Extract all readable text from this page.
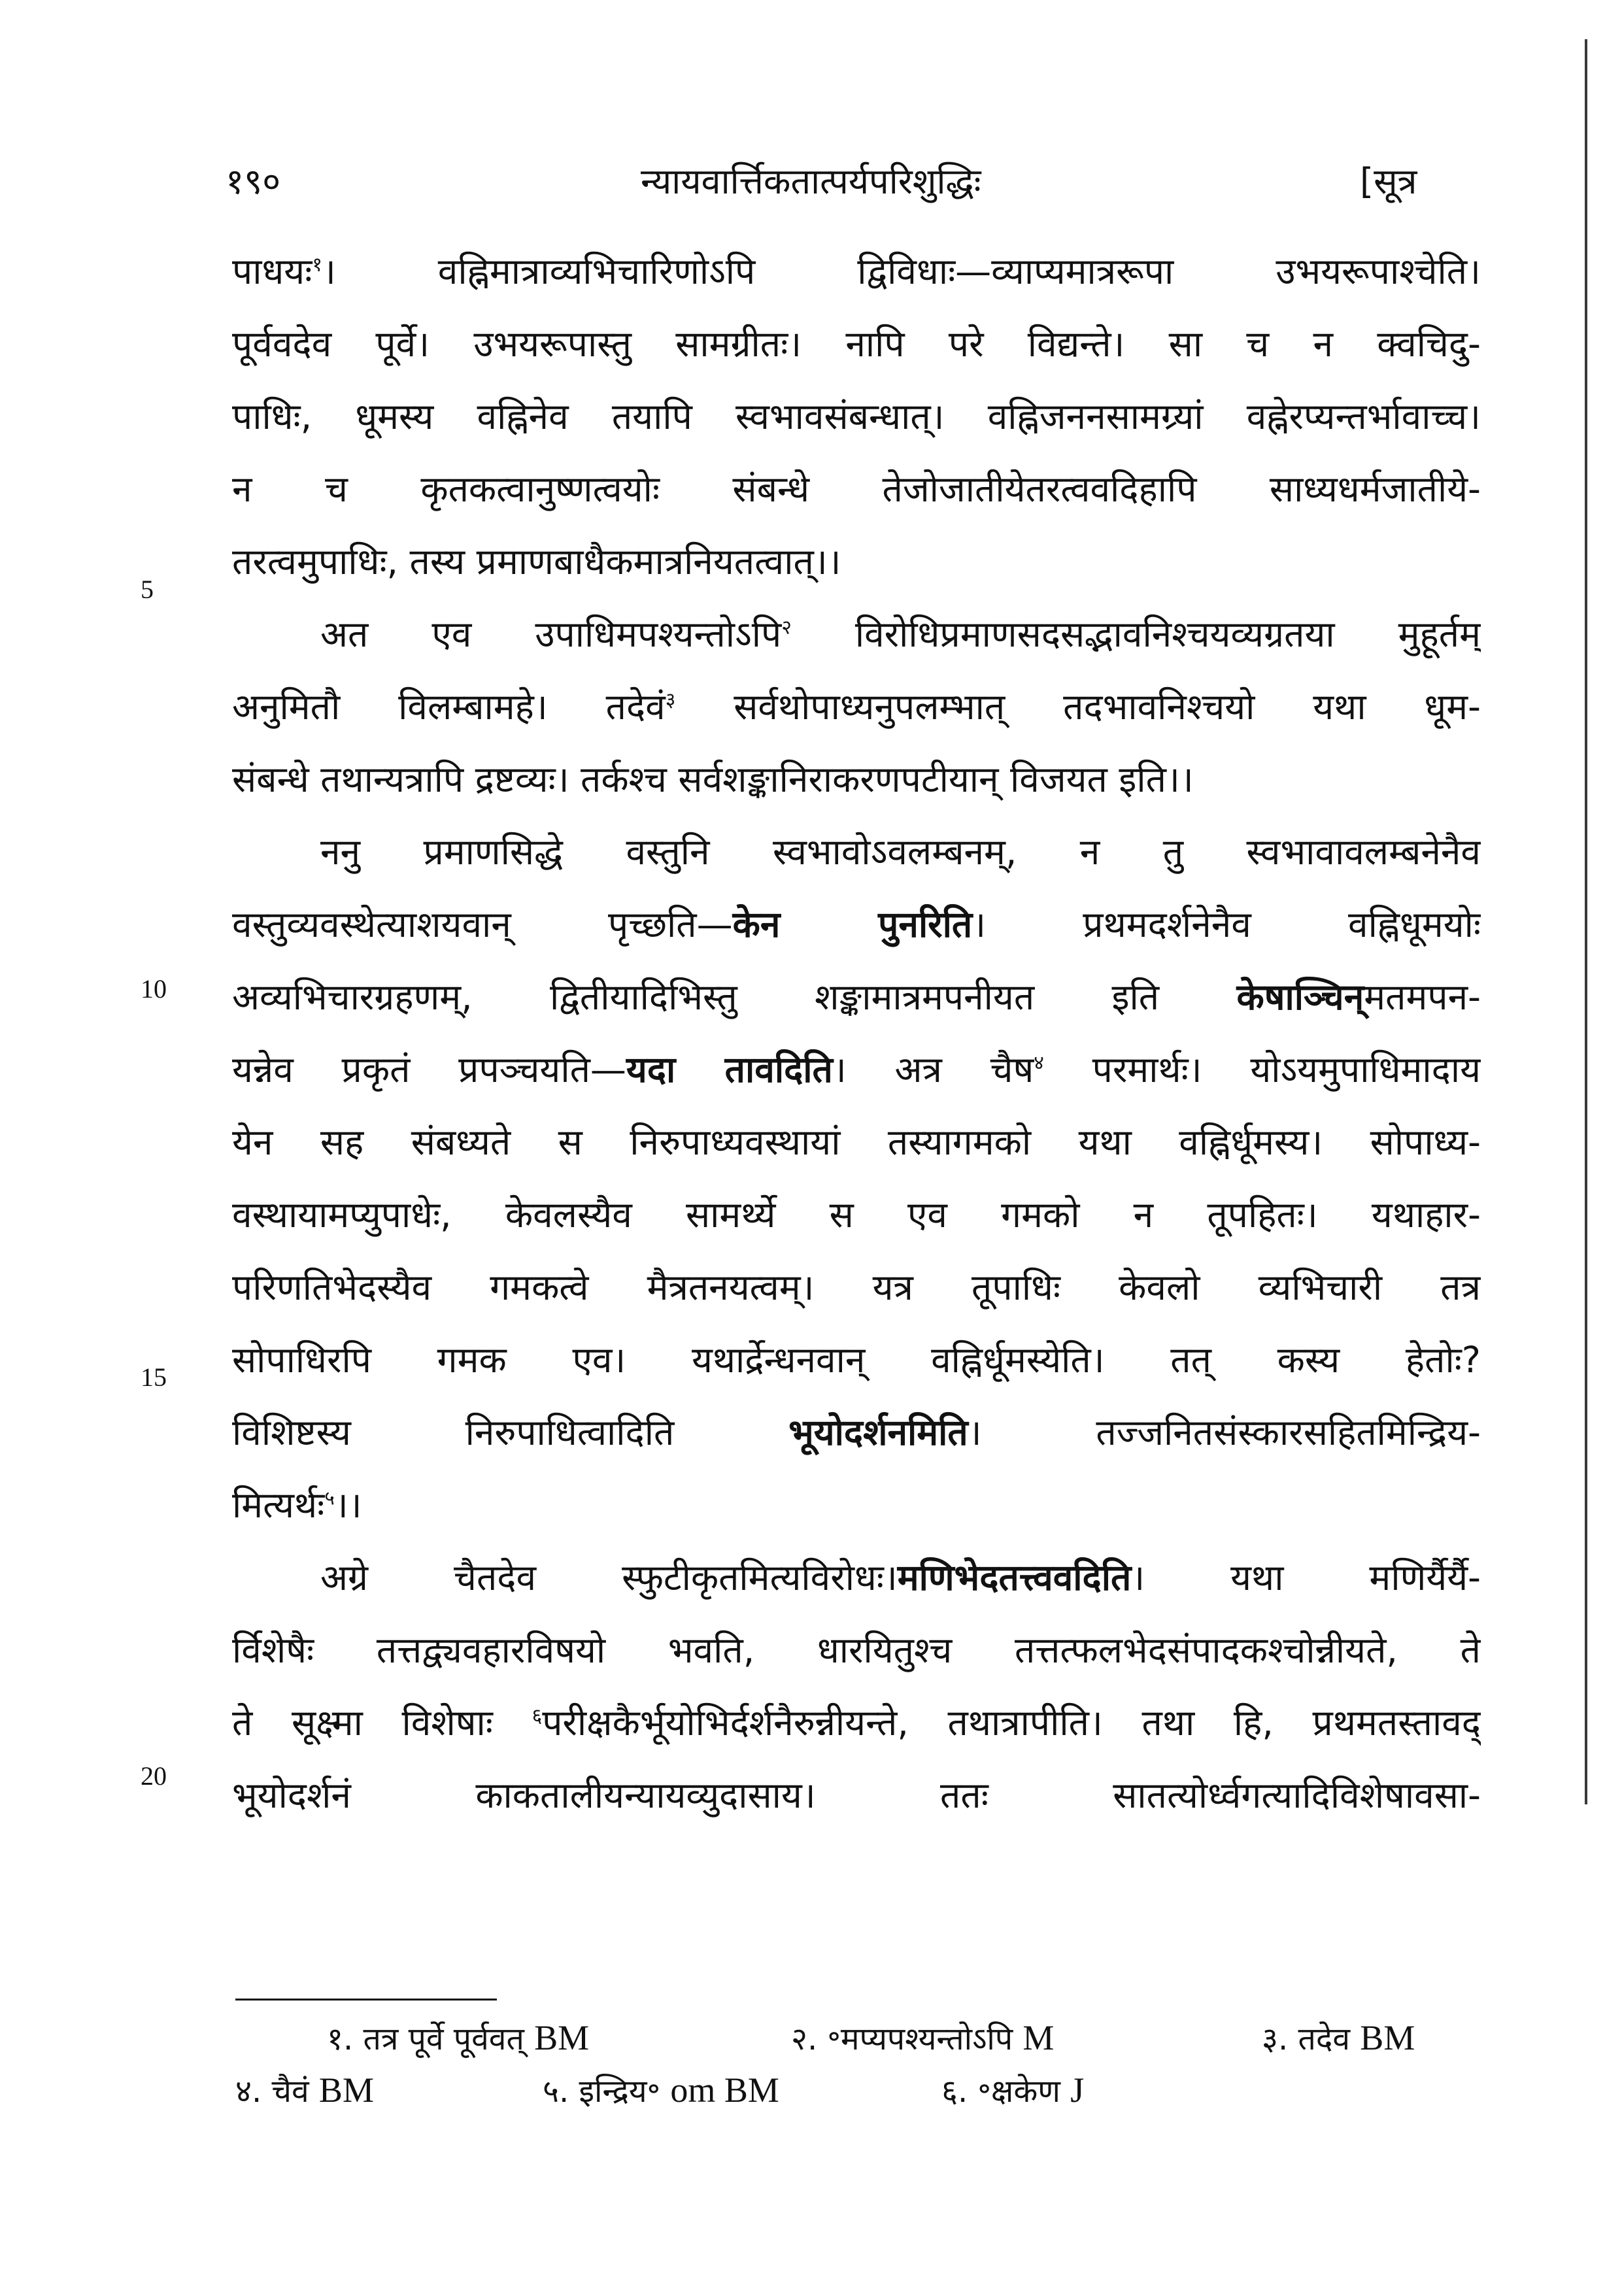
१९०	न्यायवार्त्तिकतात्पर्यपरिशुद्धिः	[सूत्र
पाधयः$^१$। वह्निमात्राव्यभिचारिणोऽपि द्विविधाः—व्याप्यमात्ररूपा उभयरूपाश्चेति।
पूर्ववदेव पूर्वे। उभयरूपास्तु सामग्रीतः। नापि परे विद्यन्ते। सा च न क्वचिदु-
पाधिः, धूमस्य वह्निनेव तयापि स्वभावसंबन्धात्। वह्निजननसामग्र्यां वह्नेरप्यन्तर्भावाच्च।
न च कृतकत्वानुष्णत्वयोः संबन्धे तेजोजातीयेतरत्ववदिहापि साध्यधर्मजातीये-
तरत्वमुपाधिः, तस्य प्रमाणबाधैकमात्रनियतत्वात्।।
अत एव उपाधिमपश्यन्तोऽपि$^२$ विरोधिप्रमाणसदसद्भावनिश्चयव्यग्रतया मुहूर्तम्
अनुमितौ विलम्बामहे। तदेवं$^३$ सर्वथोपाध्यनुपलम्भात् तदभावनिश्चयो यथा धूम-
संबन्धे तथान्यत्रापि द्रष्टव्यः। तर्कश्च सर्वशङ्कानिराकरणपटीयान् विजयत इति।।
ननु प्रमाणसिद्धे वस्तुनि स्वभावोऽवलम्बनम्, न तु स्वभावावलम्बनेनैव
वस्तुव्यवस्थेत्याशयवान् पृच्छति—केन पुनरिति। प्रथमदर्शनेनैव वह्निधूमयोः
अव्यभिचारग्रहणम्, द्वितीयादिभिस्तु शङ्कामात्रमपनीयत इति केषाञ्चिन्मतमपन-
यन्नेव प्रकृतं प्रपञ्चयति—यदा तावदिति। अत्र चैष$^४$ परमार्थः। योऽयमुपाधिमादाय
येन सह संबध्यते स निरुपाध्यवस्थायां तस्यागमको यथा वह्निर्धूमस्य। सोपाध्य-
वस्थायामप्युपाधेः, केवलस्यैव सामर्थ्ये स एव गमको न तूपहितः। यथाहार-
परिणतिभेदस्यैव गमकत्वे मैत्रतनयत्वम्। यत्र तूपाधिः केवलो व्यभिचारी तत्र
सोपाधिरपि गमक एव। यथार्द्रेन्धनवान् वह्निर्धूमस्येति। तत् कस्य हेतोः?
विशिष्टस्य निरुपाधित्वादिति भूयोदर्शनमिति। तज्जनितसंस्कारसहितमिन्द्रिय-
मित्यर्थः$^५$।।
अग्रे चैतदेव स्फुटीकृतमित्यविरोधः।मणिभेदतत्त्ववदिति। यथा मणिर्यैर्यै-
र्विशेषैः तत्तद्व्यवहारविषयो भवति, धारयितुश्च तत्तत्फलभेदसंपादकश्चोन्नीयते, ते
ते सूक्ष्मा विशेषाः $^६$परीक्षकैर्भूयोभिर्दर्शनैरुन्नीयन्ते, तथात्रापीति। तथा हि, प्रथमतस्तावद्
भूयोदर्शनं काकतालीयन्यायव्युदासाय। ततः सातत्योर्ध्वगत्यादिविशेषावसा-
5
10
15
20
१. तत्र पूर्वे पूर्ववत् BM	२. ॰मप्यपश्यन्तोऽपि M	३. तदेव BM
४. चैवं BM	५. इन्द्रिय॰ om BM	६. ॰क्षकेण J
